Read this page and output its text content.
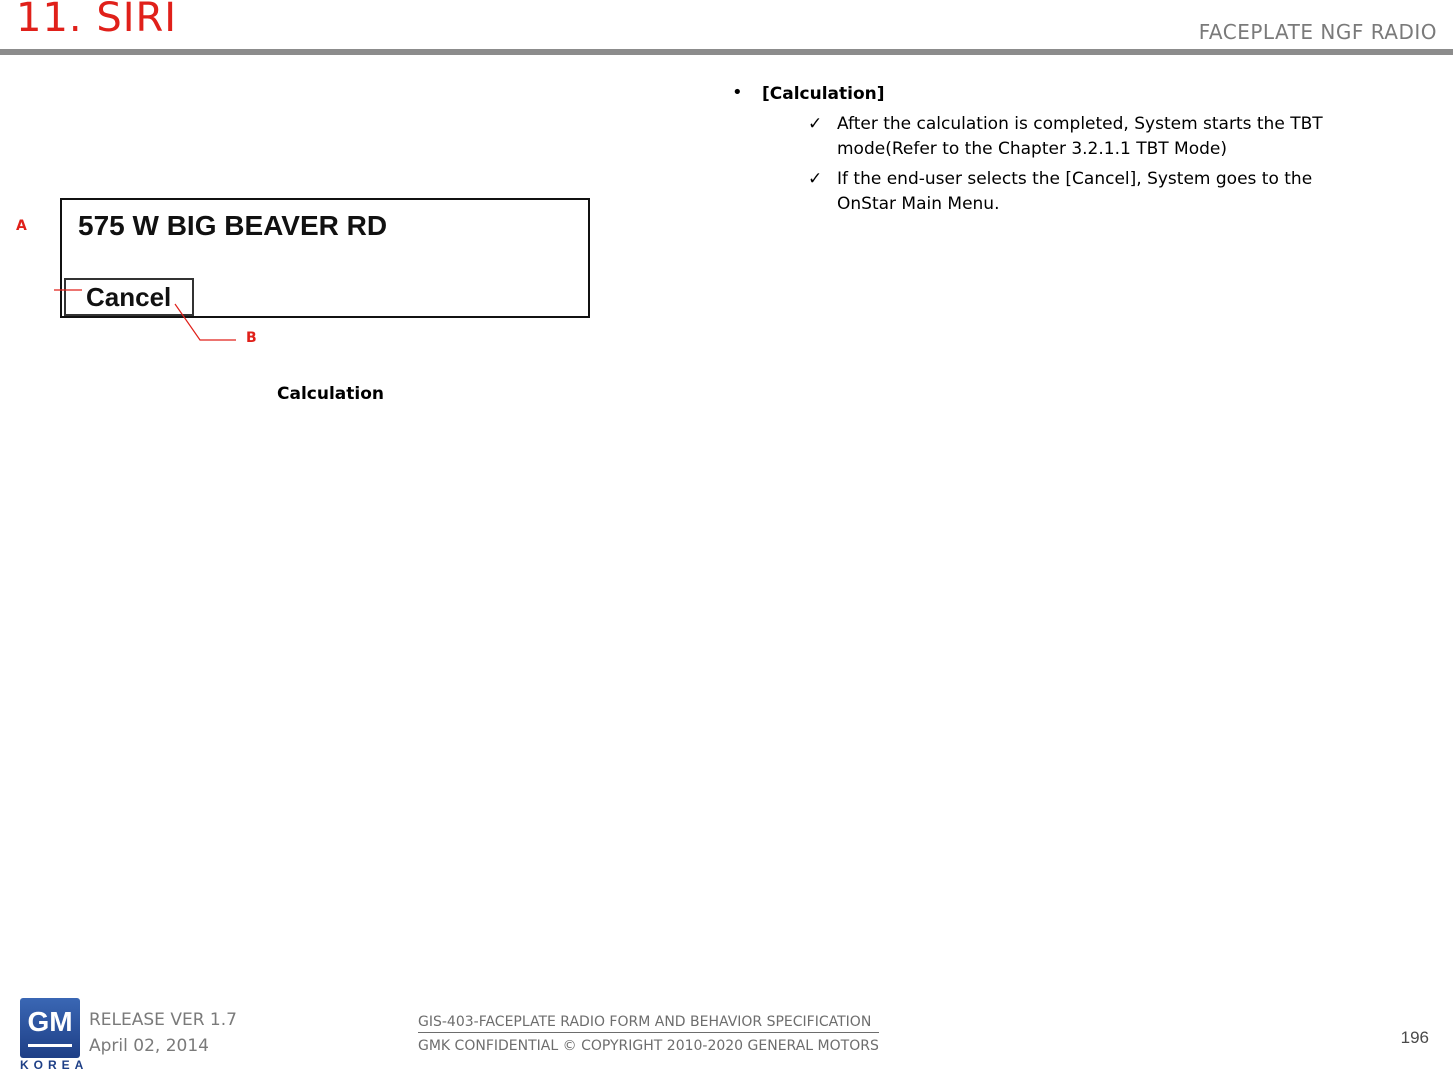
11. SIRI	FACEPLATE NGF RADIO
575 W BIG BEAVER RD
Cancel
A
B
Calculation
• [Calculation]
✓ After the calculation is completed, System starts the TBT mode(Refer to the Chapter 3.2.1.1 TBT Mode)
✓ If the end-user selects the [Cancel], System goes to the OnStar Main Menu.
GM
KOREA
RELEASE VER 1.7
April 02, 2014
GIS-403-FACEPLATE RADIO FORM AND BEHAVIOR SPECIFICATION
GMK CONFIDENTIAL © COPYRIGHT 2010-2020 GENERAL MOTORS	196
